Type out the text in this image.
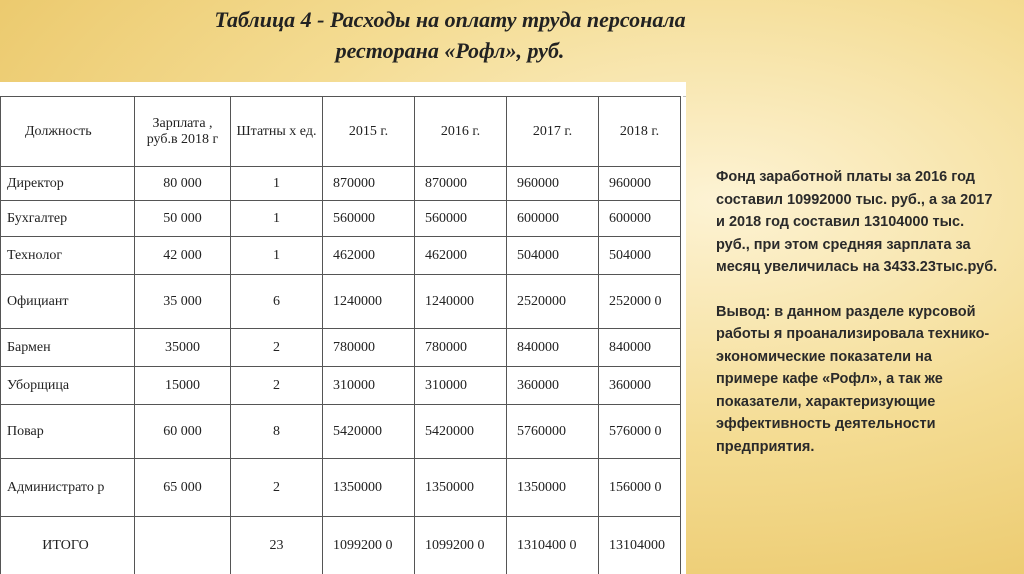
Таблица 4 - Расходы на оплату труда персонала
ресторана «Рофл», руб.
Должность	Зарплата , руб.в 2018 г	Штатны х ед.	2015 г.	2016 г.	2017 г.	2018 г.
Директор	80 000	1	870000	870000	960000	960000
Бухгалтер	50 000	1	560000	560000	600000	600000
Технолог	42 000	1	462000	462000	504000	504000
Официант	35 000	6	1240000	1240000	2520000	252000 0
Бармен	35000	2	780000	780000	840000	840000
Уборщица	15000	2	310000	310000	360000	360000
Повар	60 000	8	5420000	5420000	5760000	576000 0
Администрато р	65 000	2	1350000	1350000	1350000	156000 0
ИТОГО		23	1099200 0	1099200 0	1310400 0	13104000

Фонд заработной платы за 2016 год составил 10992000 тыс. руб., а за 2017 и 2018 год составил 13104000 тыс. руб., при этом средняя зарплата за месяц увеличилась на 3433.23тыс.руб.

Вывод: в данном разделе курсовой работы я проанализировала технико-экономические показатели на примере кафе «Рофл», а так же показатели, характеризующие эффективность деятельности предприятия.
